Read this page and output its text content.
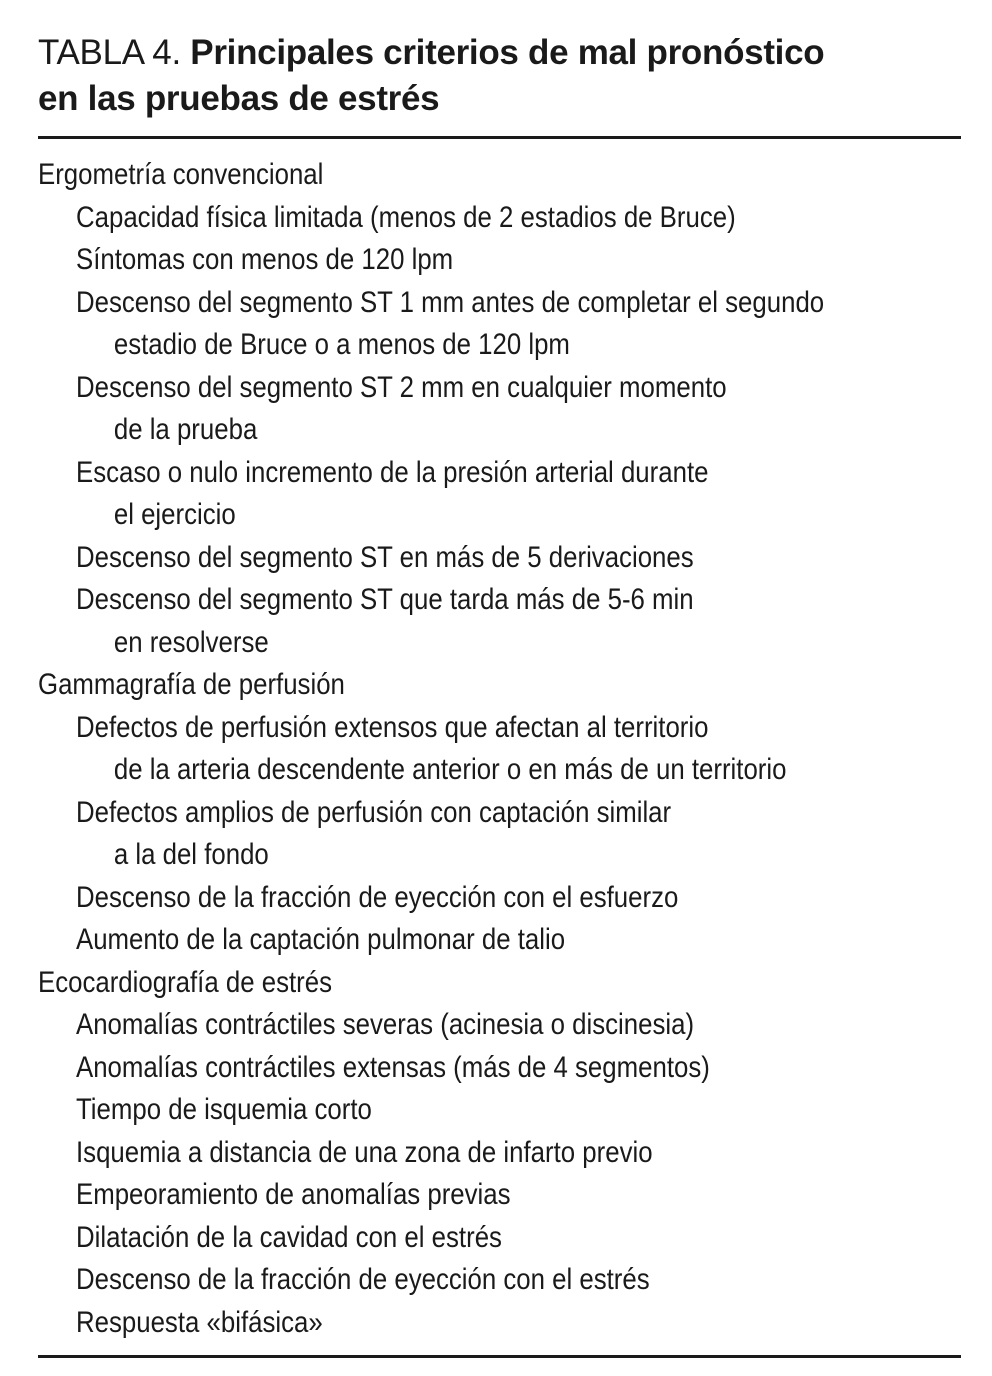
TABLA 4. Principales criterios de mal pronóstico
en las pruebas de estrés
Ergometría convencional
Capacidad física limitada (menos de 2 estadios de Bruce)
Síntomas con menos de 120 lpm
Descenso del segmento ST 1 mm antes de completar el segundo
estadio de Bruce o a menos de 120 lpm
Descenso del segmento ST 2 mm en cualquier momento
de la prueba
Escaso o nulo incremento de la presión arterial durante
el ejercicio
Descenso del segmento ST en más de 5 derivaciones
Descenso del segmento ST que tarda más de 5-6 min
en resolverse
Gammagrafía de perfusión
Defectos de perfusión extensos que afectan al territorio
de la arteria descendente anterior o en más de un territorio
Defectos amplios de perfusión con captación similar
a la del fondo
Descenso de la fracción de eyección con el esfuerzo
Aumento de la captación pulmonar de talio
Ecocardiografía de estrés
Anomalías contráctiles severas (acinesia o discinesia)
Anomalías contráctiles extensas (más de 4 segmentos)
Tiempo de isquemia corto
Isquemia a distancia de una zona de infarto previo
Empeoramiento de anomalías previas
Dilatación de la cavidad con el estrés
Descenso de la fracción de eyección con el estrés
Respuesta «bifásica»
